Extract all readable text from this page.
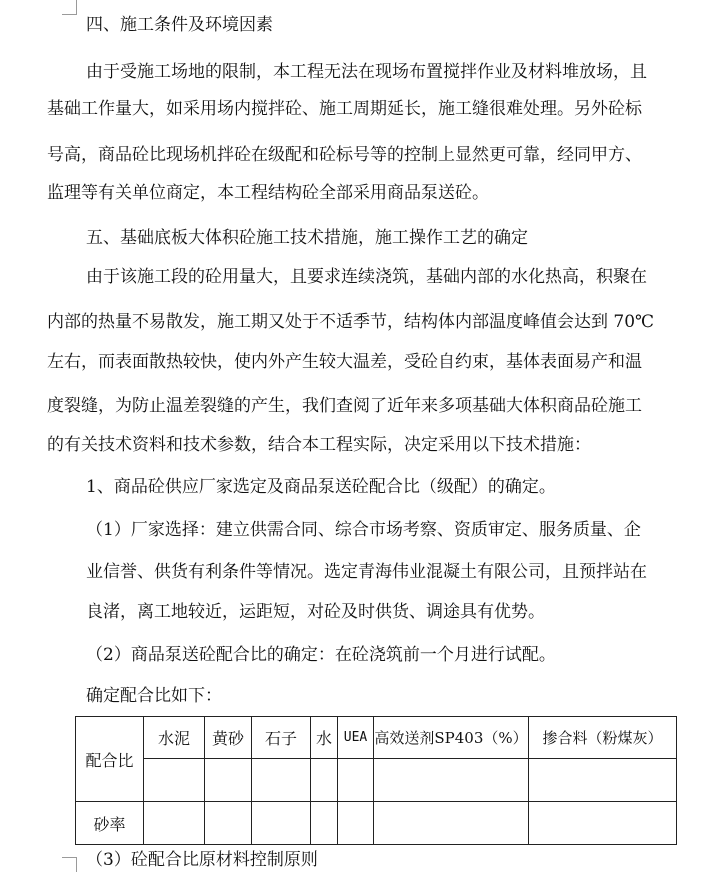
四、施工条件及环境因素
由于受施工场地的限制，本工程无法在现场布置搅拌作业及材料堆放场，且
基础工作量大，如采用场内搅拌砼、施工周期延长，施工缝很难处理。另外砼标
号高，商品砼比现场机拌砼在级配和砼标号等的控制上显然更可靠，经同甲方、
监理等有关单位商定，本工程结构砼全部采用商品泵送砼。
五、基础底板大体积砼施工技术措施，施工操作工艺的确定
由于该施工段的砼用量大，且要求连续浇筑，基础内部的水化热高，积聚在
内部的热量不易散发，施工期又处于不适季节，结构体内部温度峰值会达到 70℃
左右，而表面散热较快，使内外产生较大温差，受砼自约束，基体表面易产和温
度裂缝，为防止温差裂缝的产生，我们查阅了近年来多项基础大体积商品砼施工
的有关技术资料和技术参数，结合本工程实际，决定采用以下技术措施：
1、商品砼供应厂家选定及商品泵送砼配合比（级配）的确定。
（1）厂家选择：建立供需合同、综合市场考察、资质审定、服务质量、企
业信誉、供货有利条件等情况。选定青海伟业混凝土有限公司，且预拌站在
良渚，离工地较近，运距短，对砼及时供货、调途具有优势。
（2）商品泵送砼配合比的确定：在砼浇筑前一个月进行试配。
确定配合比如下：
配合比	水泥	黄砂	石子	水	UEA	高效送剂SP403（%）	掺合料（粉煤灰）

砂率							
（3）砼配合比原材料控制原则
